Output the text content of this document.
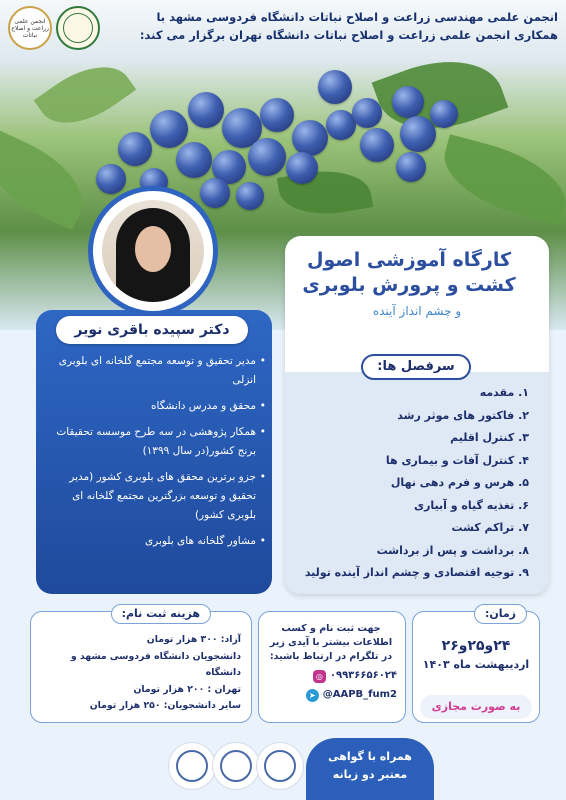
انجمن علمی مهندسی زراعت و اصلاح نباتات دانشگاه فردوسی مشهد با
همکاری انجمن علمی زراعت و اصلاح نباتات دانشگاه تهران برگزار می کند:
انجمن علمی زراعت و اصلاح نباتات
کارگاه آموزشی اصول کشت و پرورش بلوبری
و چشم انداز آینده
سرفصل ها:
۱. مقدمه
۲. فاکتور های موثر رشد
۳. کنترل اقلیم
۴. کنترل آفات و بیماری ها
۵. هرس و فرم دهی نهال
۶. تغذیه گیاه و آبیاری
۷. تراکم کشت
۸. برداشت و پس از برداشت
۹. توجیه اقتصادی و چشم انداز آینده تولید
دکتر سپیده باقری نویر
• مدیر تحقیق و توسعه مجتمع گلخانه ای بلوبری انزلی
• محقق و مدرس دانشگاه
• همکار پژوهشی در سه طرح موسسه تحقیقات برنج کشور(در سال ۱۳۹۹)
• جزو برترین محقق های بلوبری کشور (مدیر تحقیق و توسعه بزرگترین مجتمع گلخانه ای بلوبری کشور)
• مشاور گلخانه های بلوبری
هزینه ثبت نام:
آزاد: ۳۰۰ هزار تومان
دانشجویان دانشگاه فردوسی مشهد و دانشگاه
تهران : ۲۰۰ هزار تومان
سایر دانشجویان: ۲۵۰ هزار تومان
جهت ثبت نام و کسب
اطلاعات بیشتر با آیدی زیر
در تلگرام در ارتباط باشید:
◎ ۰۹۹۳۶۶۵۶۰۲۴
➤ @AAPB_fum2
زمان:
۲۴و۲۵و۲۶
اردیبهشت ماه ۱۴۰۳
به صورت مجازی
همراه با گواهی
معتبر دو زبانه
